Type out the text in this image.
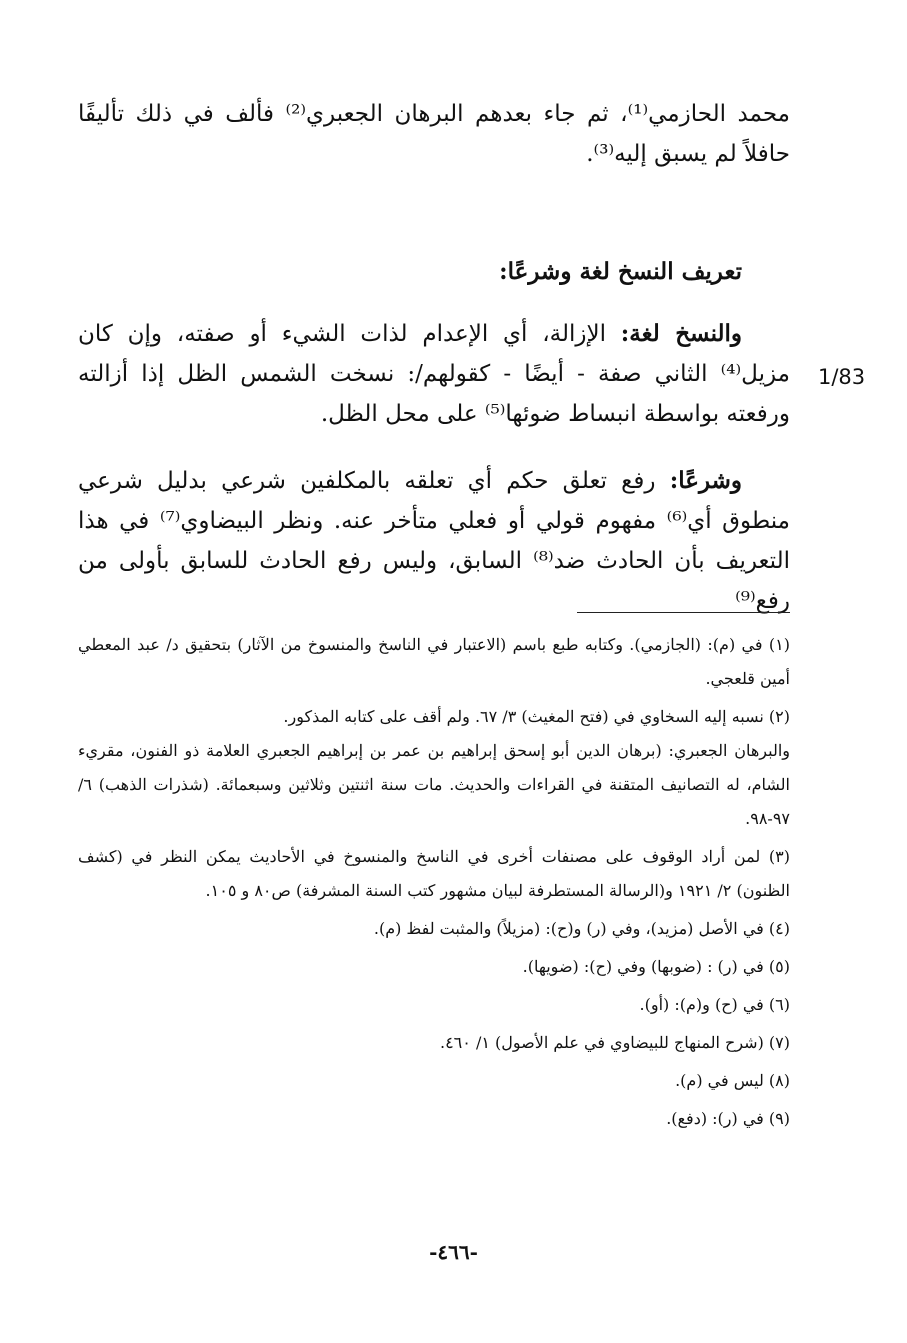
محمد الحازمي⁽¹⁾، ثم جاء بعدهم البرهان الجعبري⁽²⁾ فألف في ذلك تأليفًا حافلاً لم يسبق إليه⁽³⁾.
تعريف النسخ لغة وشرعًا:
والنسخ لغة: الإزالة، أي الإعدام لذات الشيء أو صفته، وإن كان مزيل⁽⁴⁾ الثاني صفة - أيضًا - كقولهم/: نسخت الشمس الظل إذا أزالته ورفعته بواسطة انبساط ضوئها⁽⁵⁾ على محل الظل.
1/83
وشرعًا: رفع تعلق حكم أي تعلقه بالمكلفين شرعي بدليل شرعي منطوق أي⁽⁶⁾ مفهوم قولي أو فعلي متأخر عنه. ونظر البيضاوي⁽⁷⁾ في هذا التعريف بأن الحادث ضد⁽⁸⁾ السابق، وليس رفع الحادث للسابق بأولى من رفع⁽⁹⁾

(١) في (م): (الجازمي). وكتابه طبع باسم (الاعتبار في الناسخ والمنسوخ من الآثار) بتحقيق د/ عبد المعطي أمين قلعجي.

(٢) نسبه إليه السخاوي في (فتح المغيث) ٣/ ٦٧. ولم أقف على كتابه المذكور.

والبرهان الجعبري: (برهان الدين أبو إسحق إبراهيم بن عمر بن إبراهيم الجعبري العلامة ذو الفنون، مقريء الشام، له التصانيف المتقنة في القراءات والحديث. مات سنة اثنتين وثلاثين وسبعمائة. (شذرات الذهب) ٦/ ٩٧-٩٨.

(٣) لمن أراد الوقوف على مصنفات أخرى في الناسخ والمنسوخ في الأحاديث يمكن النظر في (كشف الظنون) ٢/ ١٩٢١ و(الرسالة المستطرفة لبيان مشهور كتب السنة المشرفة) ص٨٠ و ١٠٥.

(٤) في الأصل (مزيد)، وفي (ر) و(ح): (مزيلاً) والمثبت لفظ (م).

(٥) في (ر) : (ضوبها) وفي (ح): (ضويها).

(٦) في (ح) و(م): (أو).

(٧) (شرح المنهاج للبيضاوي في علم الأصول) ١/ ٤٦٠.

(٨) ليس في (م).

(٩) في (ر): (دفع).

-٤٦٦-
